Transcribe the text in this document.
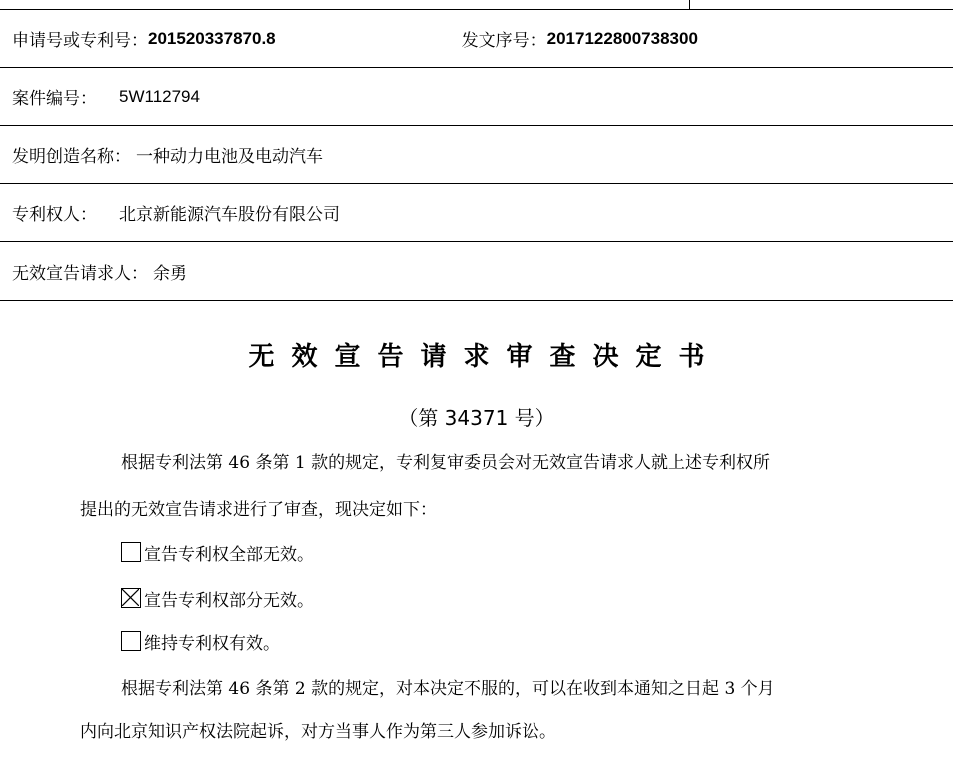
申请号或专利号： 201520337870.8	发文序号： 2017122800738300
案件编号： 5W112794
发明创造名称： 一种动力电池及电动汽车
专利权人： 北京新能源汽车股份有限公司
无效宣告请求人： 余勇
无效宣告请求审查决定书
（第 34371 号）
根据专利法第 46 条第 1 款的规定，专利复审委员会对无效宣告请求人就上述专利权所
提出的无效宣告请求进行了审查，现决定如下：
宣告专利权全部无效。
宣告专利权部分无效。
维持专利权有效。
根据专利法第 46 条第 2 款的规定，对本决定不服的，可以在收到本通知之日起 3 个月
内向北京知识产权法院起诉，对方当事人作为第三人参加诉讼。
